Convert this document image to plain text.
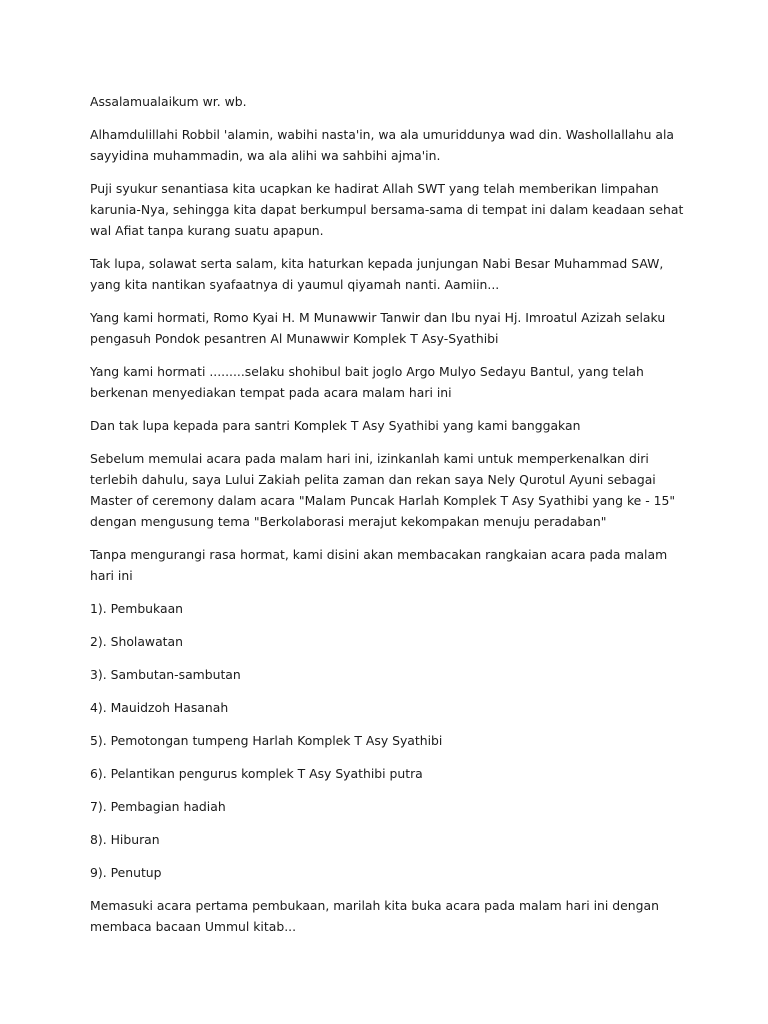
Assalamualaikum wr. wb.

Alhamdulillahi Robbil 'alamin, wabihi nasta'in, wa ala umuriddunya wad din. Washollallahu ala sayyidina muhammadin, wa ala alihi wa sahbihi ajma'in.

Puji syukur senantiasa kita ucapkan ke hadirat Allah SWT yang telah memberikan limpahan karunia-Nya, sehingga kita dapat berkumpul bersama-sama di tempat ini dalam keadaan sehat wal Afiat tanpa kurang suatu apapun.

Tak lupa, solawat serta salam, kita haturkan kepada junjungan Nabi Besar Muhammad SAW, yang kita nantikan syafaatnya di yaumul qiyamah nanti. Aamiin...

Yang kami hormati, Romo Kyai H. M Munawwir Tanwir dan Ibu nyai Hj. Imroatul Azizah selaku pengasuh Pondok pesantren Al Munawwir Komplek T Asy-Syathibi

Yang kami hormati .........selaku shohibul bait joglo Argo Mulyo Sedayu Bantul, yang telah berkenan menyediakan tempat pada acara malam hari ini

Dan tak lupa kepada para santri Komplek T Asy Syathibi yang kami banggakan

Sebelum memulai acara pada malam hari ini, izinkanlah kami untuk memperkenalkan diri terlebih dahulu, saya Lului Zakiah pelita zaman dan rekan saya Nely Qurotul Ayuni sebagai Master of ceremony dalam acara "Malam Puncak Harlah Komplek T Asy Syathibi yang ke - 15" dengan mengusung tema "Berkolaborasi merajut kekompakan menuju peradaban"

Tanpa mengurangi rasa hormat, kami disini akan membacakan rangkaian acara pada malam hari ini

1). Pembukaan

2). Sholawatan

3). Sambutan-sambutan

4). Mauidzoh Hasanah

5). Pemotongan tumpeng Harlah Komplek T Asy Syathibi

6). Pelantikan pengurus komplek T Asy Syathibi putra

7). Pembagian hadiah

8). Hiburan

9). Penutup

Memasuki acara pertama pembukaan, marilah kita buka acara pada malam hari ini dengan membaca bacaan Ummul kitab...
